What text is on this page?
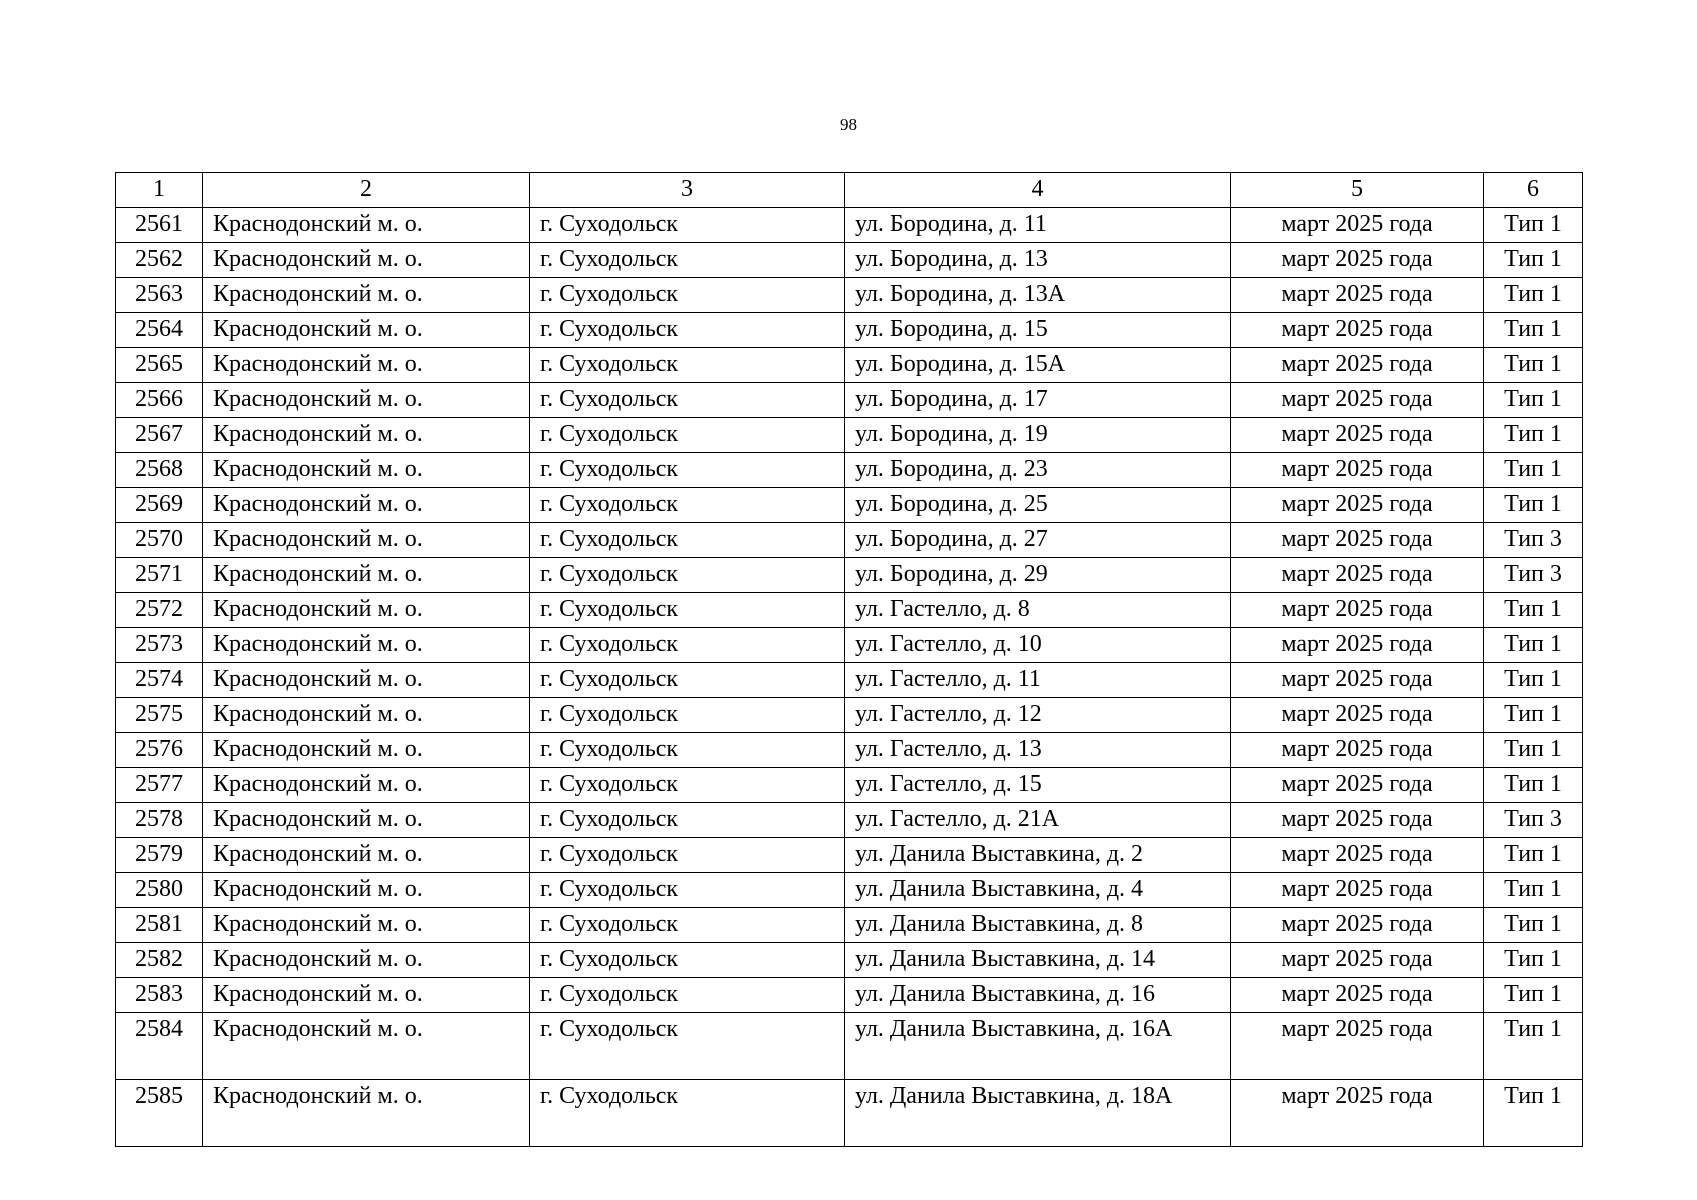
98
1	2	3	4	5	6
2561	Краснодонский м. о.	г. Суходольск	ул. Бородина, д. 11	март 2025 года	Тип 1
2562	Краснодонский м. о.	г. Суходольск	ул. Бородина, д. 13	март 2025 года	Тип 1
2563	Краснодонский м. о.	г. Суходольск	ул. Бородина, д. 13А	март 2025 года	Тип 1
2564	Краснодонский м. о.	г. Суходольск	ул. Бородина, д. 15	март 2025 года	Тип 1
2565	Краснодонский м. о.	г. Суходольск	ул. Бородина, д. 15А	март 2025 года	Тип 1
2566	Краснодонский м. о.	г. Суходольск	ул. Бородина, д. 17	март 2025 года	Тип 1
2567	Краснодонский м. о.	г. Суходольск	ул. Бородина, д. 19	март 2025 года	Тип 1
2568	Краснодонский м. о.	г. Суходольск	ул. Бородина, д. 23	март 2025 года	Тип 1
2569	Краснодонский м. о.	г. Суходольск	ул. Бородина, д. 25	март 2025 года	Тип 1
2570	Краснодонский м. о.	г. Суходольск	ул. Бородина, д. 27	март 2025 года	Тип 3
2571	Краснодонский м. о.	г. Суходольск	ул. Бородина, д. 29	март 2025 года	Тип 3
2572	Краснодонский м. о.	г. Суходольск	ул. Гастелло, д. 8	март 2025 года	Тип 1
2573	Краснодонский м. о.	г. Суходольск	ул. Гастелло, д. 10	март 2025 года	Тип 1
2574	Краснодонский м. о.	г. Суходольск	ул. Гастелло, д. 11	март 2025 года	Тип 1
2575	Краснодонский м. о.	г. Суходольск	ул. Гастелло, д. 12	март 2025 года	Тип 1
2576	Краснодонский м. о.	г. Суходольск	ул. Гастелло, д. 13	март 2025 года	Тип 1
2577	Краснодонский м. о.	г. Суходольск	ул. Гастелло, д. 15	март 2025 года	Тип 1
2578	Краснодонский м. о.	г. Суходольск	ул. Гастелло, д. 21А	март 2025 года	Тип 3
2579	Краснодонский м. о.	г. Суходольск	ул. Данила Выставкина, д. 2	март 2025 года	Тип 1
2580	Краснодонский м. о.	г. Суходольск	ул. Данила Выставкина, д. 4	март 2025 года	Тип 1
2581	Краснодонский м. о.	г. Суходольск	ул. Данила Выставкина, д. 8	март 2025 года	Тип 1
2582	Краснодонский м. о.	г. Суходольск	ул. Данила Выставкина, д. 14	март 2025 года	Тип 1
2583	Краснодонский м. о.	г. Суходольск	ул. Данила Выставкина, д. 16	март 2025 года	Тип 1
2584	Краснодонский м. о.	г. Суходольск	ул. Данила Выставкина, д. 16А	март 2025 года	Тип 1
2585	Краснодонский м. о.	г. Суходольск	ул. Данила Выставкина, д. 18А	март 2025 года	Тип 1
